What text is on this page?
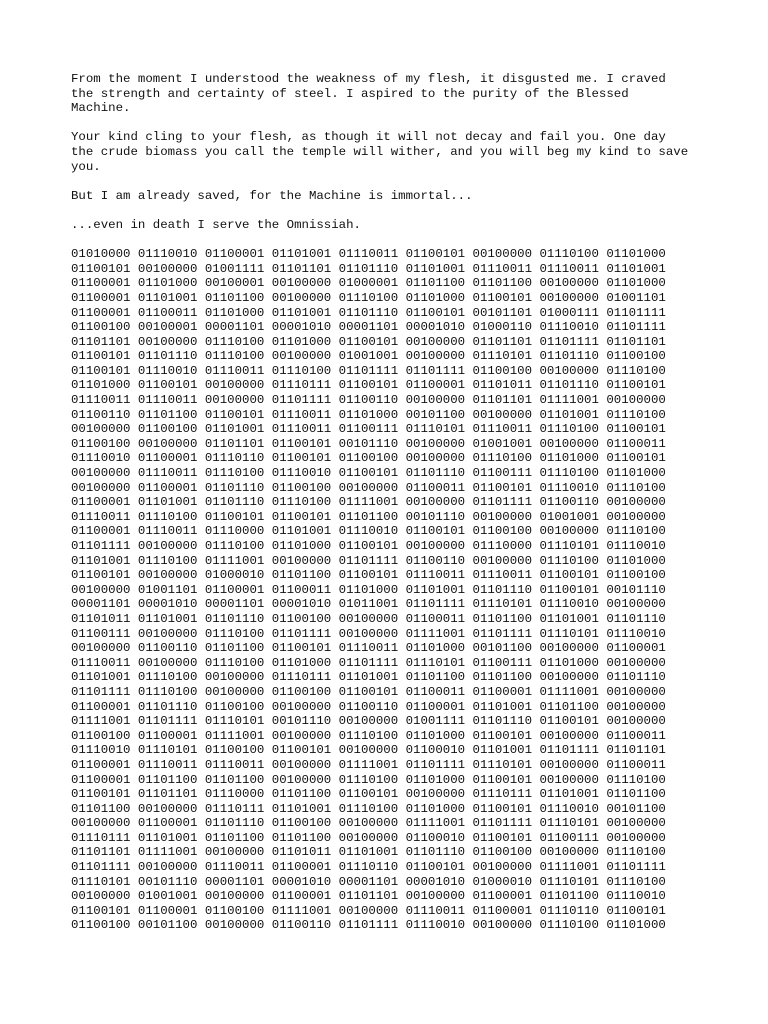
From the moment I understood the weakness of my flesh, it disgusted me. I craved
the strength and certainty of steel. I aspired to the purity of the Blessed
Machine.

Your kind cling to your flesh, as though it will not decay and fail you. One day
the crude biomass you call the temple will wither, and you will beg my kind to save
you.

But I am already saved, for the Machine is immortal...

...even in death I serve the Omnissiah.

01010000 01110010 01100001 01101001 01110011 01100101 00100000 01110100 01101000
01100101 00100000 01001111 01101101 01101110 01101001 01110011 01110011 01101001
01100001 01101000 00100001 00100000 01000001 01101100 01101100 00100000 01101000
01100001 01101001 01101100 00100000 01110100 01101000 01100101 00100000 01001101
01100001 01100011 01101000 01101001 01101110 01100101 00101101 01000111 01101111
01100100 00100001 00001101 00001010 00001101 00001010 01000110 01110010 01101111
01101101 00100000 01110100 01101000 01100101 00100000 01101101 01101111 01101101
01100101 01101110 01110100 00100000 01001001 00100000 01110101 01101110 01100100
01100101 01110010 01110011 01110100 01101111 01101111 01100100 00100000 01110100
01101000 01100101 00100000 01110111 01100101 01100001 01101011 01101110 01100101
01110011 01110011 00100000 01101111 01100110 00100000 01101101 01111001 00100000
01100110 01101100 01100101 01110011 01101000 00101100 00100000 01101001 01110100
00100000 01100100 01101001 01110011 01100111 01110101 01110011 01110100 01100101
01100100 00100000 01101101 01100101 00101110 00100000 01001001 00100000 01100011
01110010 01100001 01110110 01100101 01100100 00100000 01110100 01101000 01100101
00100000 01110011 01110100 01110010 01100101 01101110 01100111 01110100 01101000
00100000 01100001 01101110 01100100 00100000 01100011 01100101 01110010 01110100
01100001 01101001 01101110 01110100 01111001 00100000 01101111 01100110 00100000
01110011 01110100 01100101 01100101 01101100 00101110 00100000 01001001 00100000
01100001 01110011 01110000 01101001 01110010 01100101 01100100 00100000 01110100
01101111 00100000 01110100 01101000 01100101 00100000 01110000 01110101 01110010
01101001 01110100 01111001 00100000 01101111 01100110 00100000 01110100 01101000
01100101 00100000 01000010 01101100 01100101 01110011 01110011 01100101 01100100
00100000 01001101 01100001 01100011 01101000 01101001 01101110 01100101 00101110
00001101 00001010 00001101 00001010 01011001 01101111 01110101 01110010 00100000
01101011 01101001 01101110 01100100 00100000 01100011 01101100 01101001 01101110
01100111 00100000 01110100 01101111 00100000 01111001 01101111 01110101 01110010
00100000 01100110 01101100 01100101 01110011 01101000 00101100 00100000 01100001
01110011 00100000 01110100 01101000 01101111 01110101 01100111 01101000 00100000
01101001 01110100 00100000 01110111 01101001 01101100 01101100 00100000 01101110
01101111 01110100 00100000 01100100 01100101 01100011 01100001 01111001 00100000
01100001 01101110 01100100 00100000 01100110 01100001 01101001 01101100 00100000
01111001 01101111 01110101 00101110 00100000 01001111 01101110 01100101 00100000
01100100 01100001 01111001 00100000 01110100 01101000 01100101 00100000 01100011
01110010 01110101 01100100 01100101 00100000 01100010 01101001 01101111 01101101
01100001 01110011 01110011 00100000 01111001 01101111 01110101 00100000 01100011
01100001 01101100 01101100 00100000 01110100 01101000 01100101 00100000 01110100
01100101 01101101 01110000 01101100 01100101 00100000 01110111 01101001 01101100
01101100 00100000 01110111 01101001 01110100 01101000 01100101 01110010 00101100
00100000 01100001 01101110 01100100 00100000 01111001 01101111 01110101 00100000
01110111 01101001 01101100 01101100 00100000 01100010 01100101 01100111 00100000
01101101 01111001 00100000 01101011 01101001 01101110 01100100 00100000 01110100
01101111 00100000 01110011 01100001 01110110 01100101 00100000 01111001 01101111
01110101 00101110 00001101 00001010 00001101 00001010 01000010 01110101 01110100
00100000 01001001 00100000 01100001 01101101 00100000 01100001 01101100 01110010
01100101 01100001 01100100 01111001 00100000 01110011 01100001 01110110 01100101
01100100 00101100 00100000 01100110 01101111 01110010 00100000 01110100 01101000
